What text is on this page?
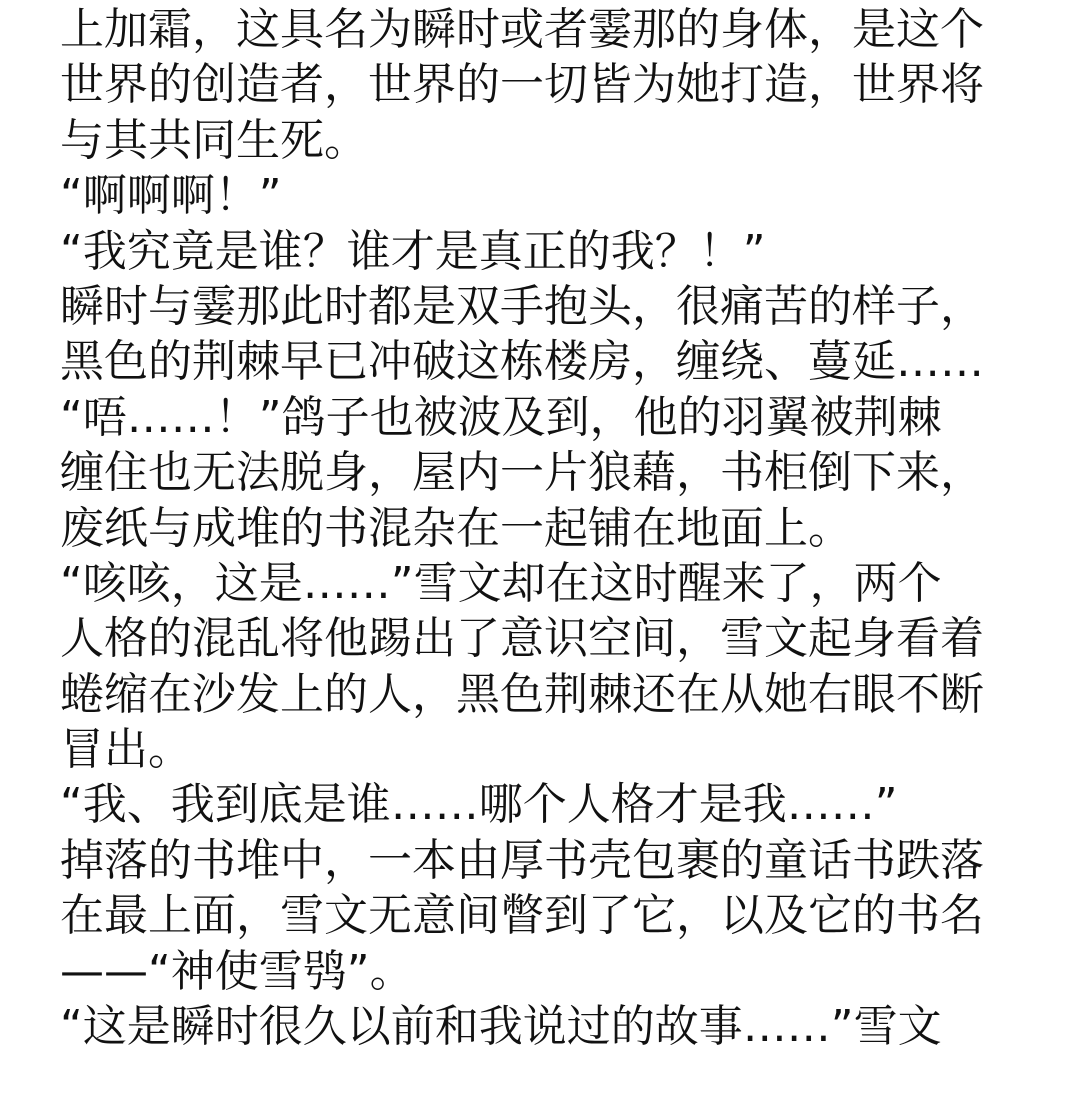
上加霜，这具名为瞬时或者霎那的身体，是这个
世界的创造者，世界的一切皆为她打造，世界将
与其共同生死。
“啊啊啊！”
“我究竟是谁？谁才是真正的我？！”
瞬时与霎那此时都是双手抱头，很痛苦的样子，
黑色的荆棘早已冲破这栋楼房，缠绕、蔓延……
“唔……！”鸽子也被波及到，他的羽翼被荆棘
缠住也无法脱身，屋内一片狼藉，书柜倒下来，
废纸与成堆的书混杂在一起铺在地面上。
“咳咳，这是……”雪文却在这时醒来了，两个
人格的混乱将他踢出了意识空间，雪文起身看着
蜷缩在沙发上的人，黑色荆棘还在从她右眼不断
冒出。
“我、我到底是谁……哪个人格才是我……”
掉落的书堆中，一本由厚书壳包裹的童话书跌落
在最上面，雪文无意间瞥到了它，以及它的书名
——“神使雪鸮”。
“这是瞬时很久以前和我说过的故事……”雪文
